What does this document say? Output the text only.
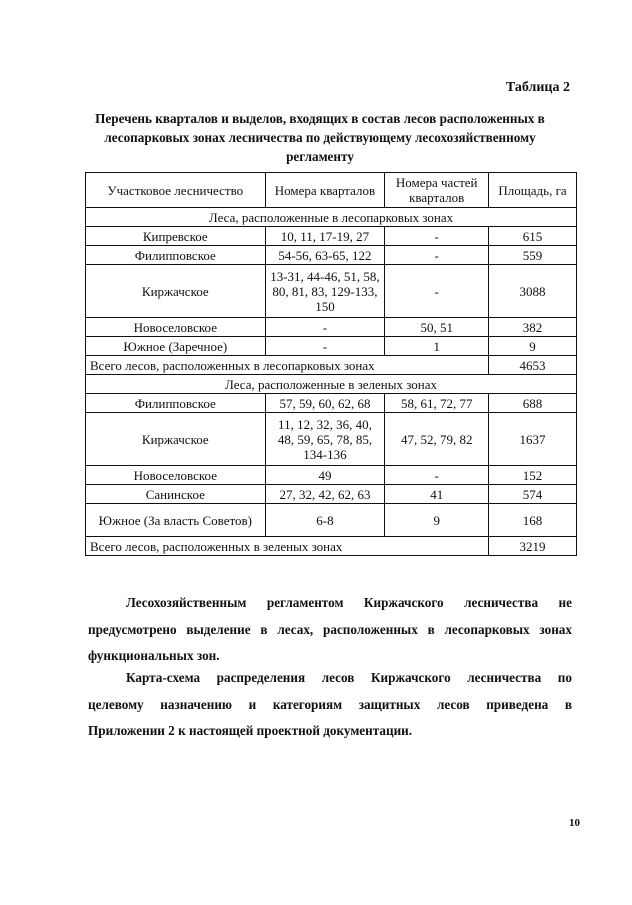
Таблица 2
Перечень кварталов и выделов, входящих в состав лесов расположенных в
лесопарковых зонах лесничества по действующему лесохозяйственному
регламенту
Участковое лесничество	Номера кварталов	Номера частей кварталов	Площадь, га
Леса, расположенные в лесопарковых зонах			
Кипревское	10, 11, 17-19, 27	-	615
Филипповское	54-56, 63-65, 122	-	559
Киржачское	13-31, 44-46, 51, 58, 80, 81, 83, 129-133, 150	-	3088
Новоселовское	-	50, 51	382
Южное (Заречное)	-	1	9
Всего лесов, расположенных в лесопарковых зонах			4653
Леса, расположенные в зеленых зонах			
Филипповское	57, 59, 60, 62, 68	58, 61, 72, 77	688
Киржачское	11, 12, 32, 36, 40, 48, 59, 65, 78, 85, 134-136	47, 52, 79, 82	1637
Новоселовское	49	-	152
Санинское	27, 32, 42, 62, 63	41	574
Южное (За власть Советов)	6-8	9	168
Всего лесов, расположенных в зеленых зонах			3219
Лесохозяйственным регламентом Киржачского лесничества не
предусмотрено выделение в лесах, расположенных в лесопарковых зонах
функциональных зон.
Карта-схема распределения лесов Киржачского лесничества по
целевому назначению и категориям защитных лесов приведена в
Приложении 2 к настоящей проектной документации.
10
